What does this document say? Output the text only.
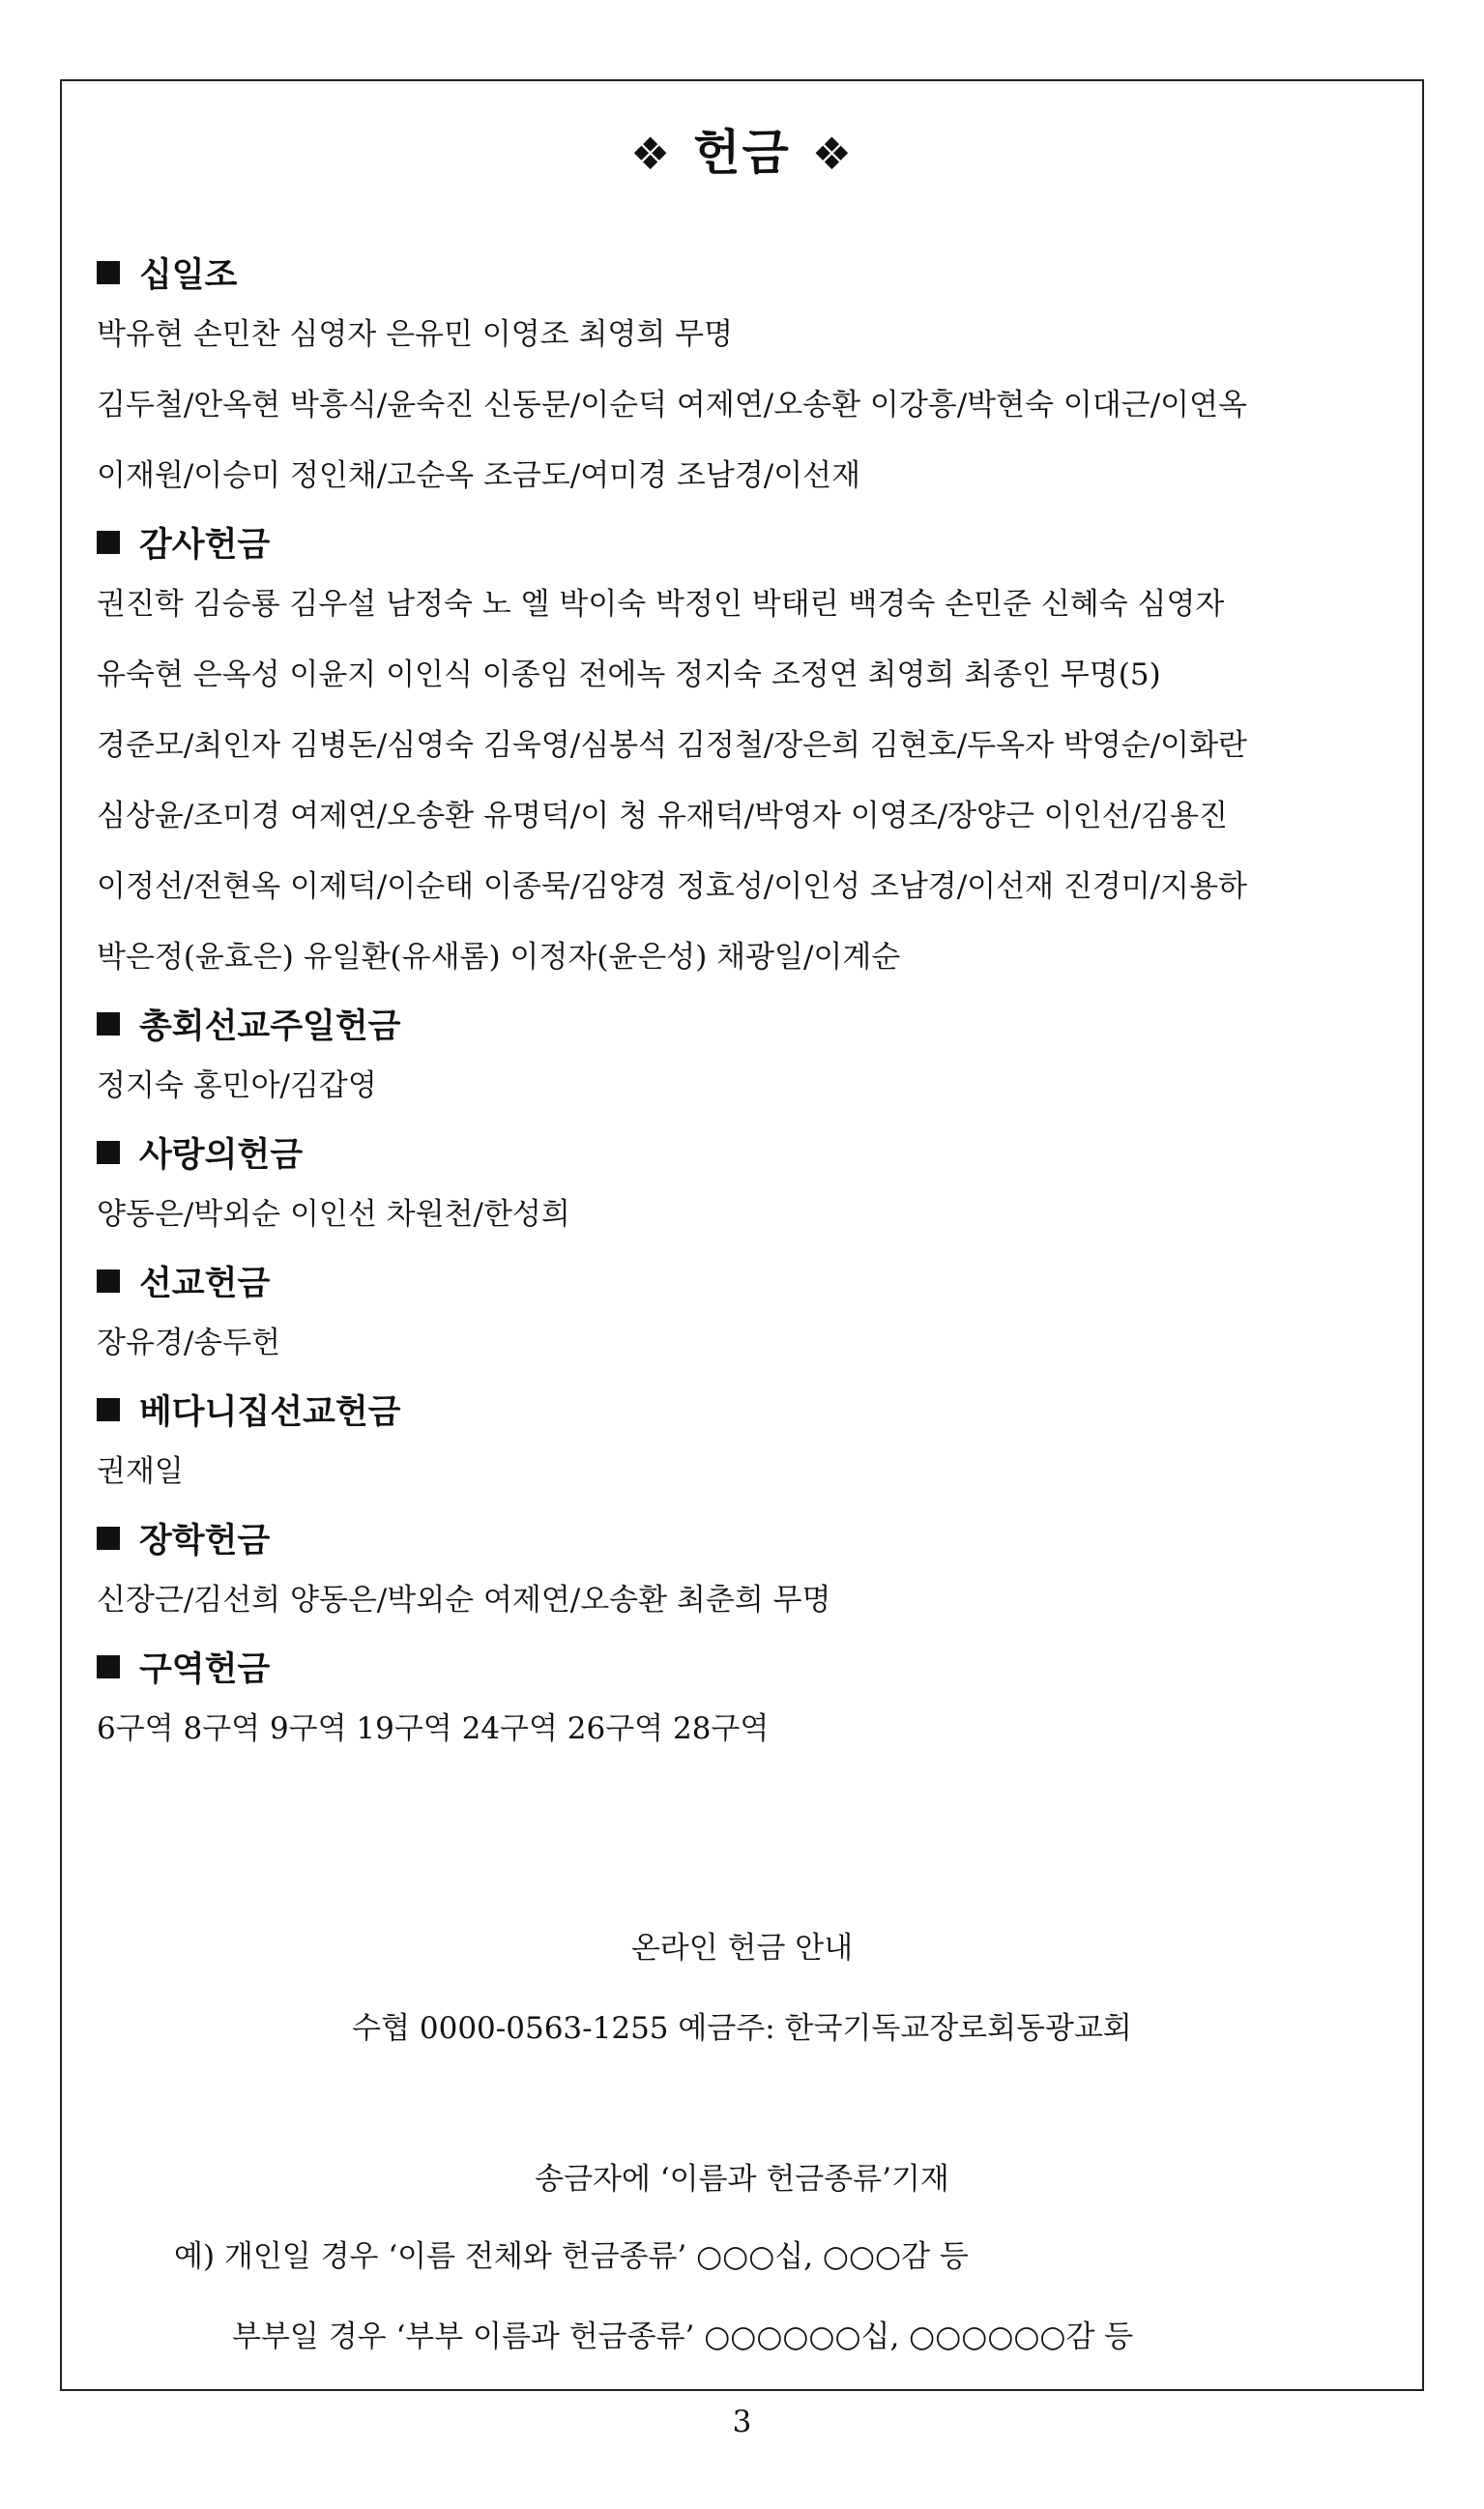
❖ 헌금 ❖
십일조
박유현 손민찬 심영자 은유민 이영조 최영희 무명
김두철/안옥현 박흥식/윤숙진 신동문/이순덕 여제연/오송환 이강흥/박현숙 이대근/이연옥
이재원/이승미 정인채/고순옥 조금도/여미경 조남경/이선재
감사헌금
권진학 김승룡 김우설 남정숙 노 엘 박이숙 박정인 박태린 백경숙 손민준 신혜숙 심영자
유숙현 은옥성 이윤지 이인식 이종임 전에녹 정지숙 조정연 최영희 최종인 무명(5)
경준모/최인자 김병돈/심영숙 김욱영/심봉석 김정철/장은희 김현호/두옥자 박영순/이화란
심상윤/조미경 여제연/오송환 유명덕/이 청 유재덕/박영자 이영조/장양근 이인선/김용진
이정선/전현옥 이제덕/이순태 이종묵/김양경 정효성/이인성 조남경/이선재 진경미/지용하
박은정(윤효은) 유일환(유새롬) 이정자(윤은성) 채광일/이계순
총회선교주일헌금
정지숙 홍민아/김갑영
사랑의헌금
양동은/박외순 이인선 차원천/한성희
선교헌금
장유경/송두헌
베다니집선교헌금
권재일
장학헌금
신장근/김선희 양동은/박외순 여제연/오송환 최춘희 무명
구역헌금
6구역 8구역 9구역 19구역 24구역 26구역 28구역
온라인 헌금 안내
수협 0000-0563-1255 예금주: 한국기독교장로회동광교회
송금자에 ‘이름과 헌금종류’기재
예) 개인일 경우 ‘이름 전체와 헌금종류’ ○○○십, ○○○감 등
부부일 경우 ‘부부 이름과 헌금종류’ ○○○○○○십, ○○○○○○감 등
3
